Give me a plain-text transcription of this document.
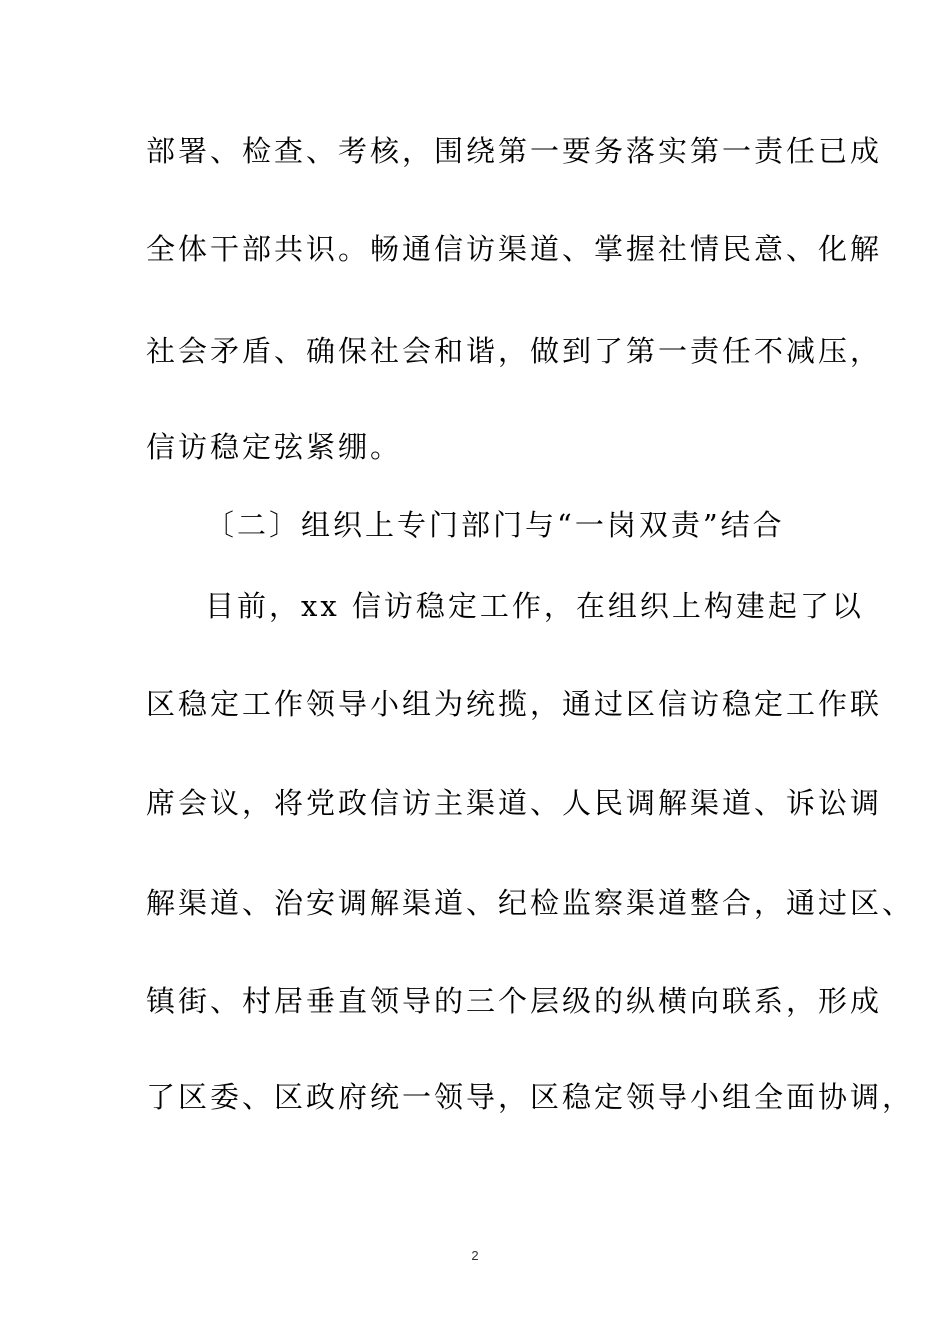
部署、检查、考核，围绕第一要务落实第一责任已成
全体干部共识。畅通信访渠道、掌握社情民意、化解
社会矛盾、确保社会和谐，做到了第一责任不减压，
信访稳定弦紧绷。
〔二〕组织上专门部门与“一岗双责”结合
目前，xx 信访稳定工作，在组织上构建起了以
区稳定工作领导小组为统揽，通过区信访稳定工作联
席会议，将党政信访主渠道、人民调解渠道、诉讼调
解渠道、治安调解渠道、纪检监察渠道整合，通过区、
镇街、村居垂直领导的三个层级的纵横向联系，形成
了区委、区政府统一领导，区稳定领导小组全面协调，
2
